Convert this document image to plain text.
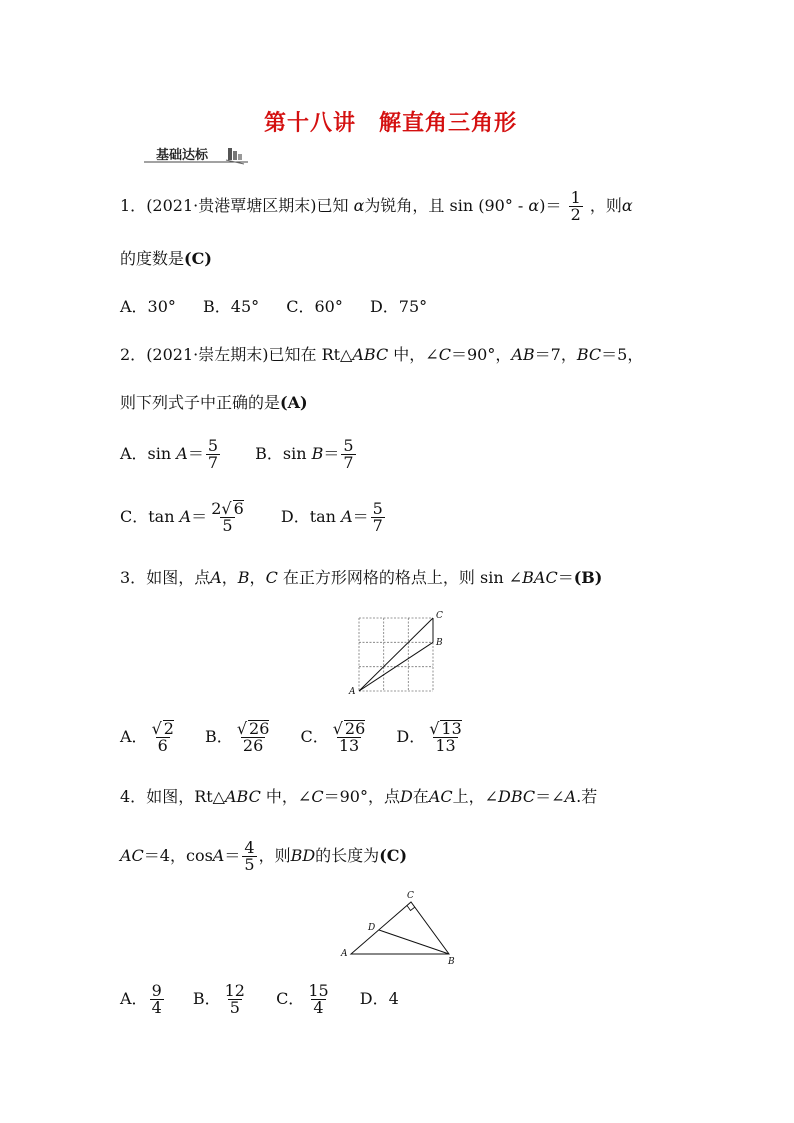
第十八讲　解直角三角形
基础达标
1．(2021·贵港覃塘区期末)已知 α为锐角，且 $\sin (90^\circ - \alpha)= \frac{1}{2}$ ，则α
的度数是(C)
A．30° B．45° C．60° D．75°
2．(2021·崇左期末)已知在 Rt△ABC 中，∠C＝90°，AB＝7，BC＝5，
则下列式子中正确的是(A)
A．$\sin A= \frac{5}{7}$ B．$\sin B= \frac{5}{7}$
C．$\tan A= \frac{2√ 6}{5}$ D．$\tan A= \frac{5}{7}$
3．如图，点A，B，C 在正方形网格的格点上，则 sin ∠BAC＝(B)
A
B
C
A． $\frac{√ 2}{6}$ B． $\frac{√ 26}{26}$ C． $\frac{√ 26}{13}$ D． $\frac{√ 13}{13}$
4．如图，Rt△ABC 中，∠C＝90°，点D在AC上，∠DBC＝∠A.若
AC＝4，$\cos A= \frac{4}{5}$ ，则BD的长度为(C)
A
B
C
D
A． $\frac{9}{4}$ B． $\frac{12}{5}$ C． $\frac{15}{4}$ D．4
